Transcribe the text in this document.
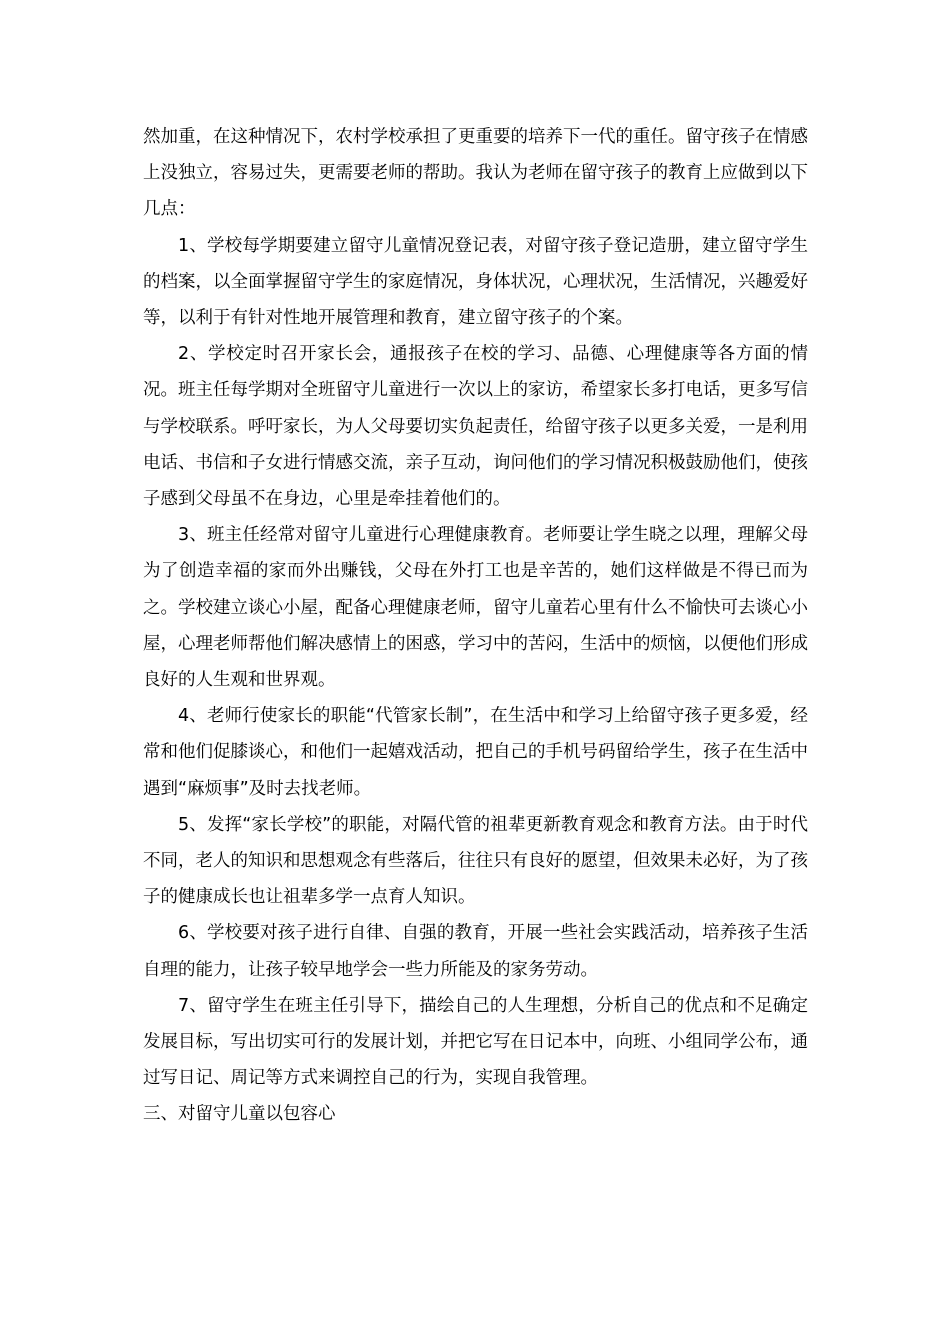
然加重，在这种情况下，农村学校承担了更重要的培养下一代的重任。留守孩子在情感上没独立，容易过失，更需要老师的帮助。我认为老师在留守孩子的教育上应做到以下几点：

1、学校每学期要建立留守儿童情况登记表，对留守孩子登记造册，建立留守学生的档案，以全面掌握留守学生的家庭情况，身体状况，心理状况，生活情况，兴趣爱好等，以利于有针对性地开展管理和教育，建立留守孩子的个案。

2、学校定时召开家长会，通报孩子在校的学习、品德、心理健康等各方面的情况。班主任每学期对全班留守儿童进行一次以上的家访，希望家长多打电话，更多写信与学校联系。呼吁家长，为人父母要切实负起责任，给留守孩子以更多关爱，一是利用电话、书信和子女进行情感交流，亲子互动，询问他们的学习情况积极鼓励他们，使孩子感到父母虽不在身边，心里是牵挂着他们的。

3、班主任经常对留守儿童进行心理健康教育。老师要让学生晓之以理，理解父母为了创造幸福的家而外出赚钱，父母在外打工也是辛苦的，她们这样做是不得已而为之。学校建立谈心小屋，配备心理健康老师，留守儿童若心里有什么不愉快可去谈心小屋，心理老师帮他们解决感情上的困惑，学习中的苦闷，生活中的烦恼，以便他们形成良好的人生观和世界观。

4、老师行使家长的职能“代管家长制”，在生活中和学习上给留守孩子更多爱，经常和他们促膝谈心，和他们一起嬉戏活动，把自己的手机号码留给学生，孩子在生活中遇到“麻烦事”及时去找老师。

5、发挥“家长学校”的职能，对隔代管的祖辈更新教育观念和教育方法。由于时代不同，老人的知识和思想观念有些落后，往往只有良好的愿望，但效果未必好，为了孩子的健康成长也让祖辈多学一点育人知识。

6、学校要对孩子进行自律、自强的教育，开展一些社会实践活动，培养孩子生活自理的能力，让孩子较早地学会一些力所能及的家务劳动。

7、留守学生在班主任引导下，描绘自己的人生理想，分析自己的优点和不足确定发展目标，写出切实可行的发展计划，并把它写在日记本中，向班、小组同学公布，通过写日记、周记等方式来调控自己的行为，实现自我管理。

三、对留守儿童以包容心
